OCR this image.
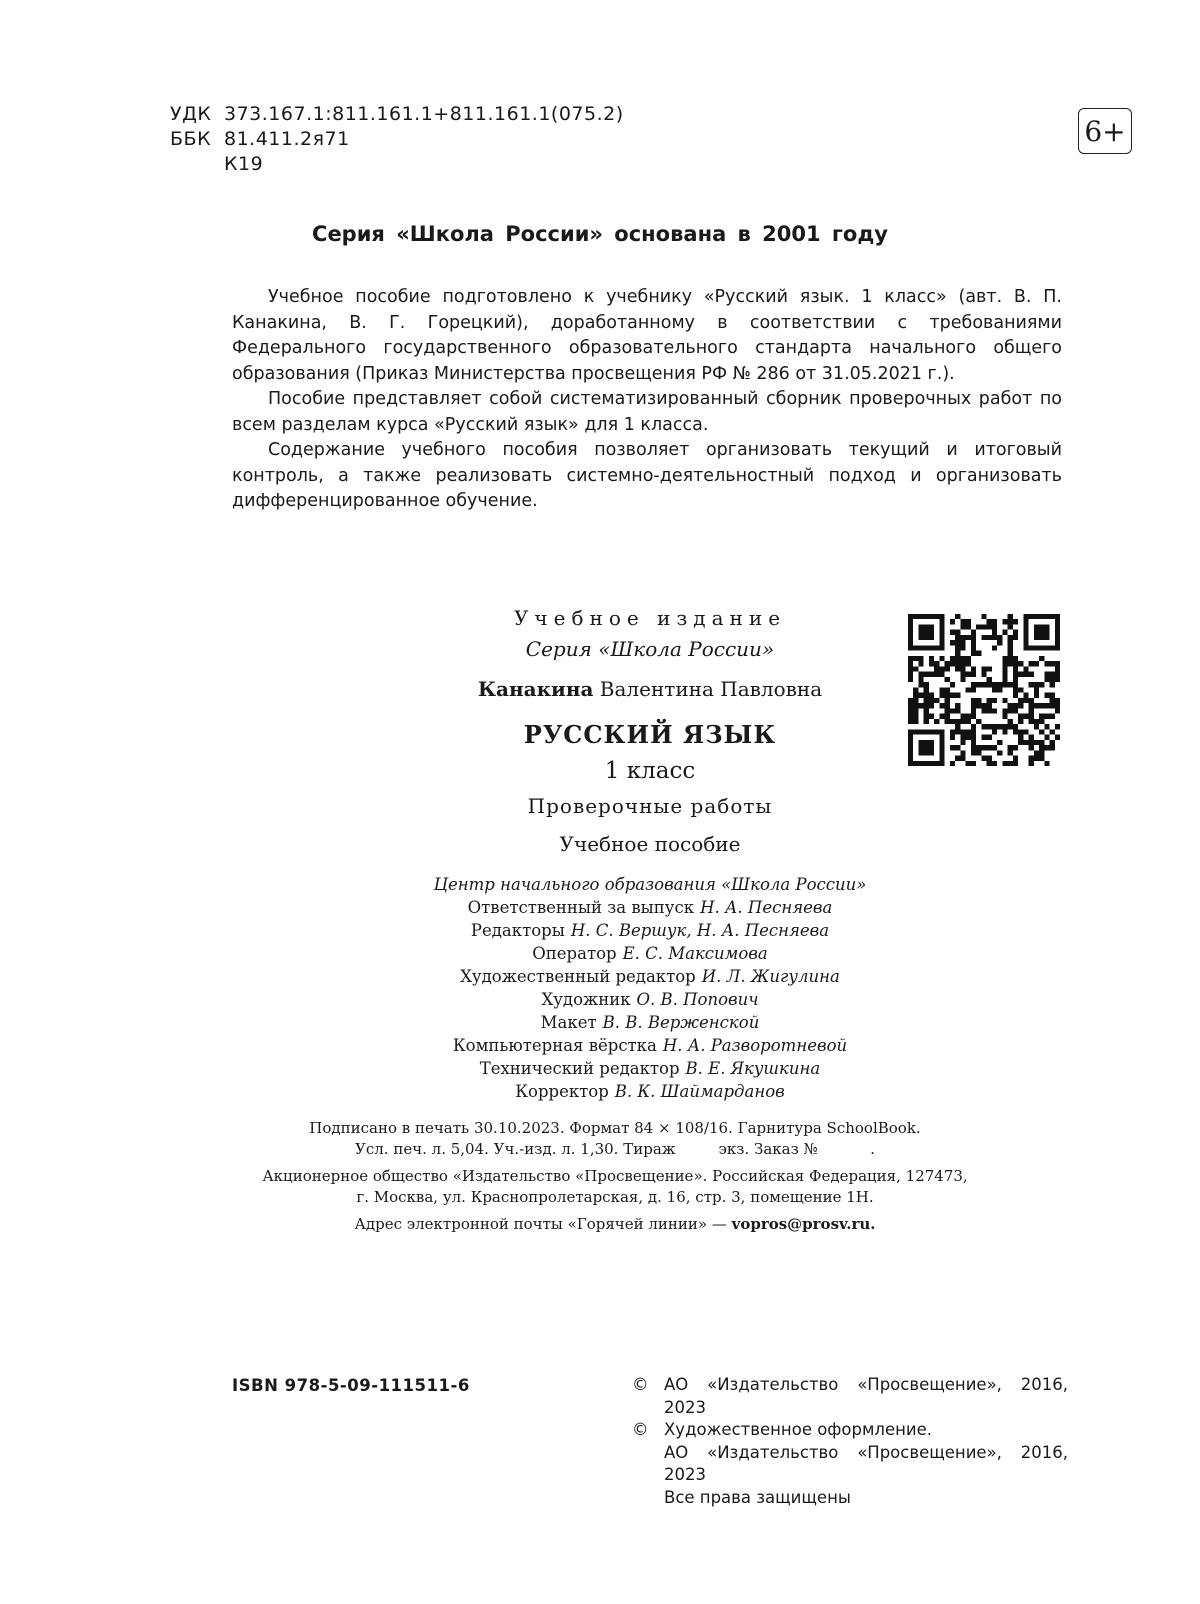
УДК 373.167.1:811.161.1+811.161.1(075.2)
ББК 81.411.2я71
К19
6+
Серия «Школа России» основана в 2001 году

Учебное пособие подготовлено к учебнику «Русский язык. 1 класс» (авт. В. П. Канакина, В. Г. Горецкий), доработанному в соответствии с требованиями Федерального государственного образовательного стандарта начального общего образования (Приказ Министерства просвещения РФ № 286 от 31.05.2021 г.).

Пособие представляет собой систематизированный сборник проверочных работ по всем разделам курса «Русский язык» для 1 класса.

Содержание учебного пособия позволяет организовать текущий и итоговый контроль, а также реализовать системно-деятельностный подход и организовать дифференцированное обучение.

Учебное издание
Серия «Школа России»
Канакина Валентина Павловна
РУССКИЙ ЯЗЫК
1 класс
Проверочные работы
Учебное пособие
Центр начального образования «Школа России»
Ответственный за выпуск Н. А. Песняева
Редакторы Н. С. Вершук, Н. А. Песняева
Оператор Е. С. Максимова
Художественный редактор И. Л. Жигулина
Художник О. В. Попович
Макет В. В. Верженской
Компьютерная вёрстка Н. А. Разворотневой
Технический редактор В. Е. Якушкина
Корректор В. К. Шаймарданов
Подписано в печать 30.10.2023. Формат 84 × 108/16. Гарнитура SchoolBook.
Усл. печ. л. 5,04. Уч.-изд. л. 1,30. Тираж         экз. Заказ №           .
Акционерное общество «Издательство «Просвещение». Российская Федерация, 127473,
г. Москва, ул. Краснопролетарская, д. 16, стр. 3, помещение 1Н.
Адрес электронной почты «Горячей линии» — vopros@prosv.ru.
ISBN 978-5-09-111511-6	© АО «Издательство «Просвещение», 2016, 2023
© Художественное оформление.
АО «Издательство «Просвещение», 2016, 2023
Все права защищены
